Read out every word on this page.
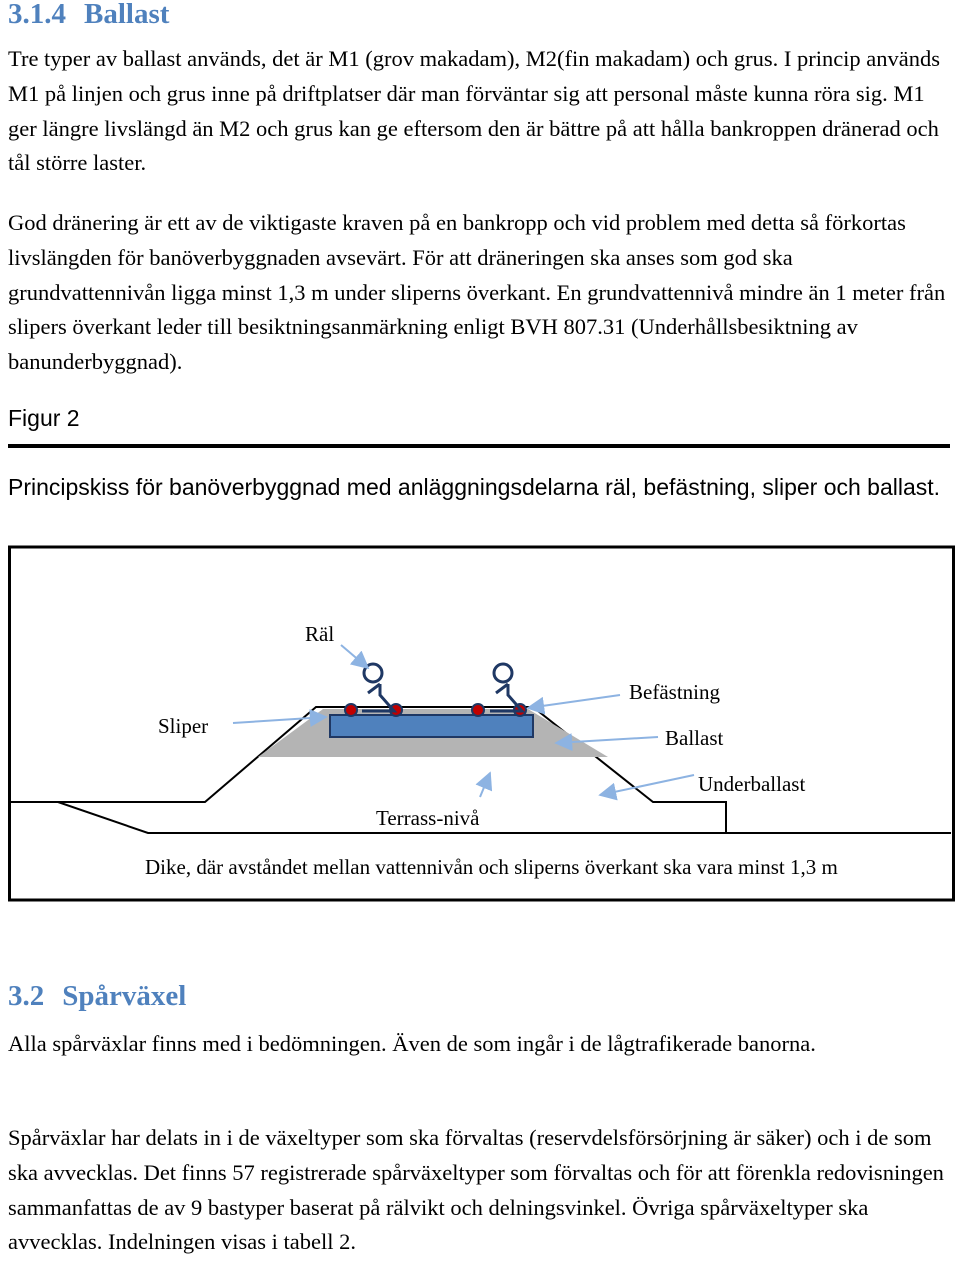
3.1.4 Ballast

Tre typer av ballast används, det är M1 (grov makadam), M2(fin makadam) och grus. I princip används M1 på linjen och grus inne på driftplatser där man förväntar sig att personal måste kunna röra sig. M1 ger längre livslängd än M2 och grus kan ge eftersom den är bättre på att hålla bankroppen dränerad och tål större laster.

God dränering är ett av de viktigaste kraven på en bankropp och vid problem med detta så förkortas livslängden för banöverbyggnaden avsevärt. För att dräneringen ska anses som god ska grundvattennivån ligga minst 1,3 m under sliperns överkant. En grundvattennivå mindre än 1 meter från slipers överkant leder till besiktningsanmärkning enligt BVH 807.31 (Underhållsbesiktning av banunderbyggnad).

Figur 2

Principskiss för banöverbyggnad med anläggningsdelarna räl, befästning, sliper och ballast.

Räl
Sliper
Befästning
Ballast
Underballast
Terrass-nivå
Dike, där avståndet mellan vattennivån och sliperns överkant ska vara minst 1,3 m
3.2 Spårväxel

Alla spårväxlar finns med i bedömningen. Även de som ingår i de lågtrafikerade banorna.

Spårväxlar har delats in i de växeltyper som ska förvaltas (reservdelsförsörjning är säker) och i de som ska avvecklas. Det finns 57 registrerade spårväxeltyper som förvaltas och för att förenkla redovisningen sammanfattas de av 9 bastyper baserat på rälvikt och delningsvinkel. Övriga spårväxeltyper ska avvecklas. Indelningen visas i tabell 2.
